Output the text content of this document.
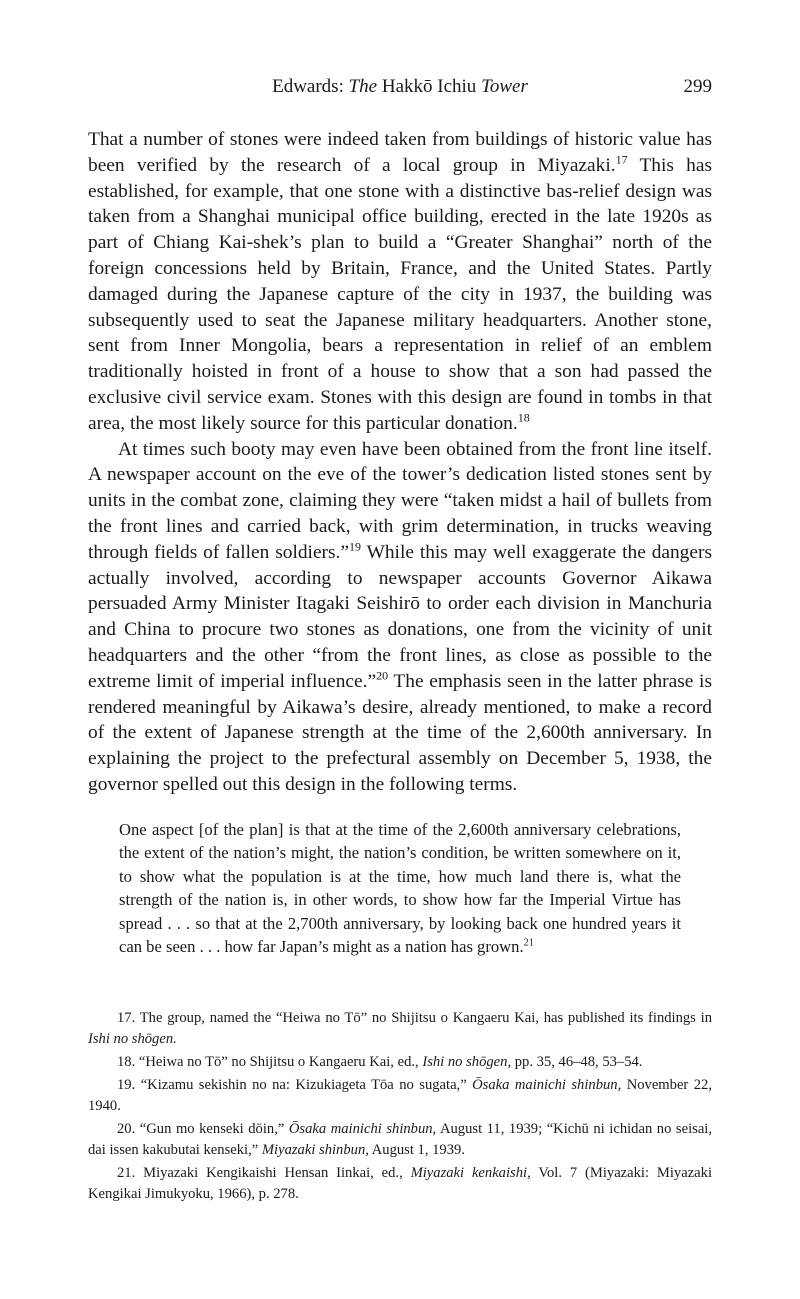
Edwards: The Hakkō Ichiu Tower	299

That a number of stones were indeed taken from buildings of historic value has been verified by the research of a local group in Miyazaki.$^{17}$ This has established, for example, that one stone with a distinctive bas-relief design was taken from a Shanghai municipal office building, erected in the late 1920s as part of Chiang Kai-shek’s plan to build a “Greater Shanghai” north of the foreign concessions held by Britain, France, and the United States. Partly damaged during the Japanese capture of the city in 1937, the building was subsequently used to seat the Japanese military headquarters. Another stone, sent from Inner Mongolia, bears a representation in relief of an emblem traditionally hoisted in front of a house to show that a son had passed the exclusive civil service exam. Stones with this design are found in tombs in that area, the most likely source for this particular donation.$^{18}$

At times such booty may even have been obtained from the front line itself. A newspaper account on the eve of the tower’s dedication listed stones sent by units in the combat zone, claiming they were “taken midst a hail of bullets from the front lines and carried back, with grim determination, in trucks weaving through fields of fallen soldiers.”$^{19}$ While this may well exaggerate the dangers actually involved, according to newspaper accounts Governor Aikawa persuaded Army Minister Itagaki Seishirō to order each division in Manchuria and China to procure two stones as donations, one from the vicinity of unit headquarters and the other “from the front lines, as close as possible to the extreme limit of imperial influence.”$^{20}$ The emphasis seen in the latter phrase is rendered meaningful by Aikawa’s desire, already mentioned, to make a record of the extent of Japanese strength at the time of the 2,600th anniversary. In explaining the project to the prefectural assembly on December 5, 1938, the governor spelled out this design in the following terms.

One aspect [of the plan] is that at the time of the 2,600th anniversary celebrations, the extent of the nation’s might, the nation’s condition, be written somewhere on it, to show what the population is at the time, how much land there is, what the strength of the nation is, in other words, to show how far the Imperial Virtue has spread . . . so that at the 2,700th anniversary, by looking back one hundred years it can be seen . . . how far Japan’s might as a nation has grown.$^{21}$

17. The group, named the “Heiwa no Tō” no Shijitsu o Kangaeru Kai, has published its findings in Ishi no shōgen.

18. “Heiwa no Tō” no Shijitsu o Kangaeru Kai, ed., Ishi no shōgen, pp. 35, 46–48, 53–54.

19. “Kizamu sekishin no na: Kizukiageta Tōa no sugata,” Ōsaka mainichi shinbun, November 22, 1940.

20. “Gun mo kenseki dōin,” Ōsaka mainichi shinbun, August 11, 1939; “Kichū ni ichidan no seisai, dai issen kakubutai kenseki,” Miyazaki shinbun, August 1, 1939.

21. Miyazaki Kengikaishi Hensan Iinkai, ed., Miyazaki kenkaishi, Vol. 7 (Miyazaki: Miyazaki Kengikai Jimukyoku, 1966), p. 278.
